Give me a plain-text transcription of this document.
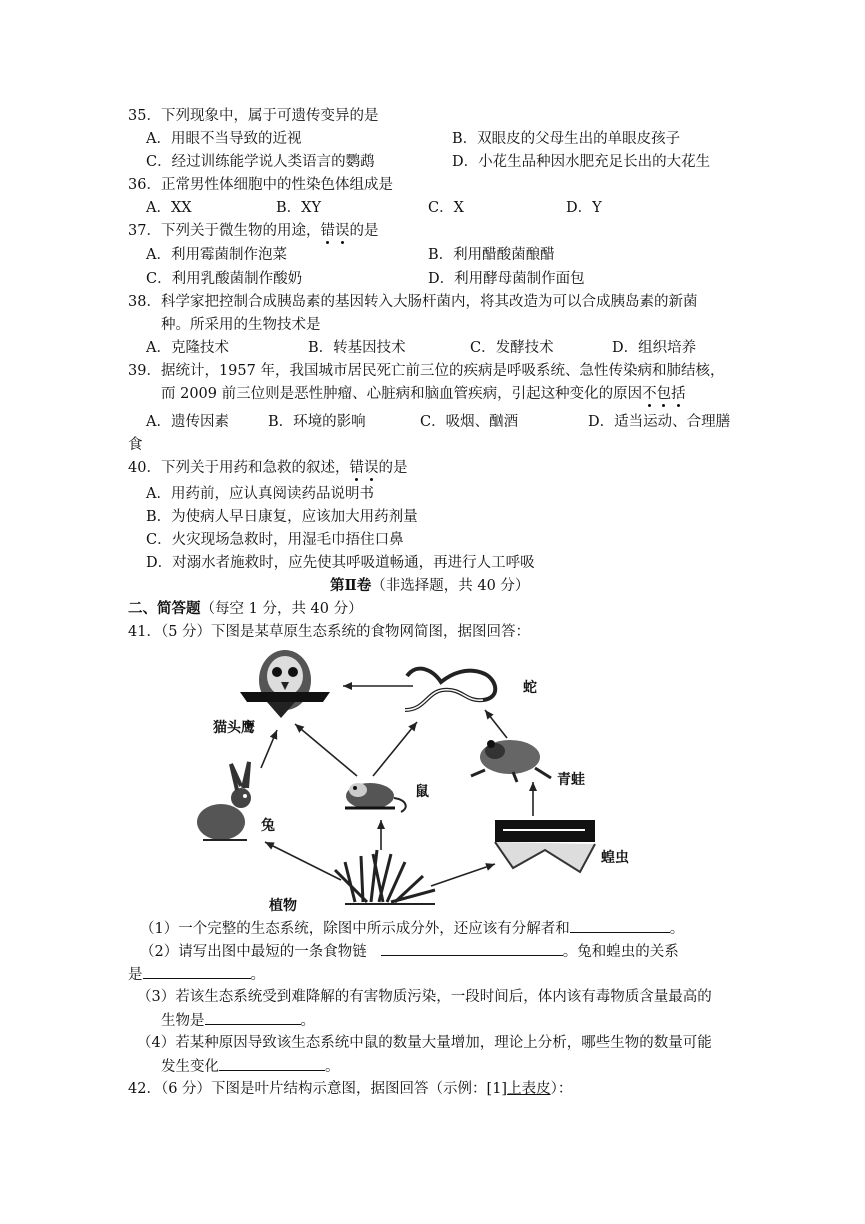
35．下列现象中，属于可遗传变异的是
A．用眼不当导致的近视	B．双眼皮的父母生出的单眼皮孩子
C．经过训练能学说人类语言的鹦鹉	D．小花生品种因水肥充足长出的大花生
36．正常男性体细胞中的性染色体组成是
A．XX	B．XY	C．X	D．Y
37．下列关于微生物的用途，错误的是
A．利用霉菌制作泡菜	B．利用醋酸菌酿醋
C．利用乳酸菌制作酸奶	D．利用酵母菌制作面包
38．科学家把控制合成胰岛素的基因转入大肠杆菌内，将其改造为可以合成胰岛素的新菌
种。所采用的生物技术是
A．克隆技术	B．转基因技术	C．发酵技术	D．组织培养
39．据统计，1957 年，我国城市居民死亡前三位的疾病是呼吸系统、急性传染病和肺结核，
而 2009 前三位则是恶性肿瘤、心脏病和脑血管疾病，引起这种变化的原因不包括
A．遗传因素	B．环境的影响	C．吸烟、酗酒	D．适当运动、合理膳
食
40．下列关于用药和急救的叙述，错误的是
A．用药前，应认真阅读药品说明书
B．为使病人早日康复，应该加大用药剂量
C．火灾现场急救时，用湿毛巾捂住口鼻
D．对溺水者施救时，应先使其呼吸道畅通，再进行人工呼吸
第Ⅱ卷（非选择题，共 40 分）
二、简答题（每空 1 分，共 40 分）
41．（5 分）下图是某草原生态系统的食物网简图，据图回答：
猫头鹰
蛇
青蛙
兔
鼠
蝗虫
植物
（1）一个完整的生态系统，除图中所示成分外，还应该有分解者和	。
（2）请写出图中最短的一条食物链	。兔和蝗虫的关系
是	。
（3）若该生态系统受到难降解的有害物质污染，一段时间后，体内该有毒物质含量最高的
生物是	。
（4）若某种原因导致该生态系统中鼠的数量大量增加，理论上分析，哪些生物的数量可能
发生变化	。
42．（6 分）下图是叶片结构示意图，据图回答（示例：[1]上表皮）：
